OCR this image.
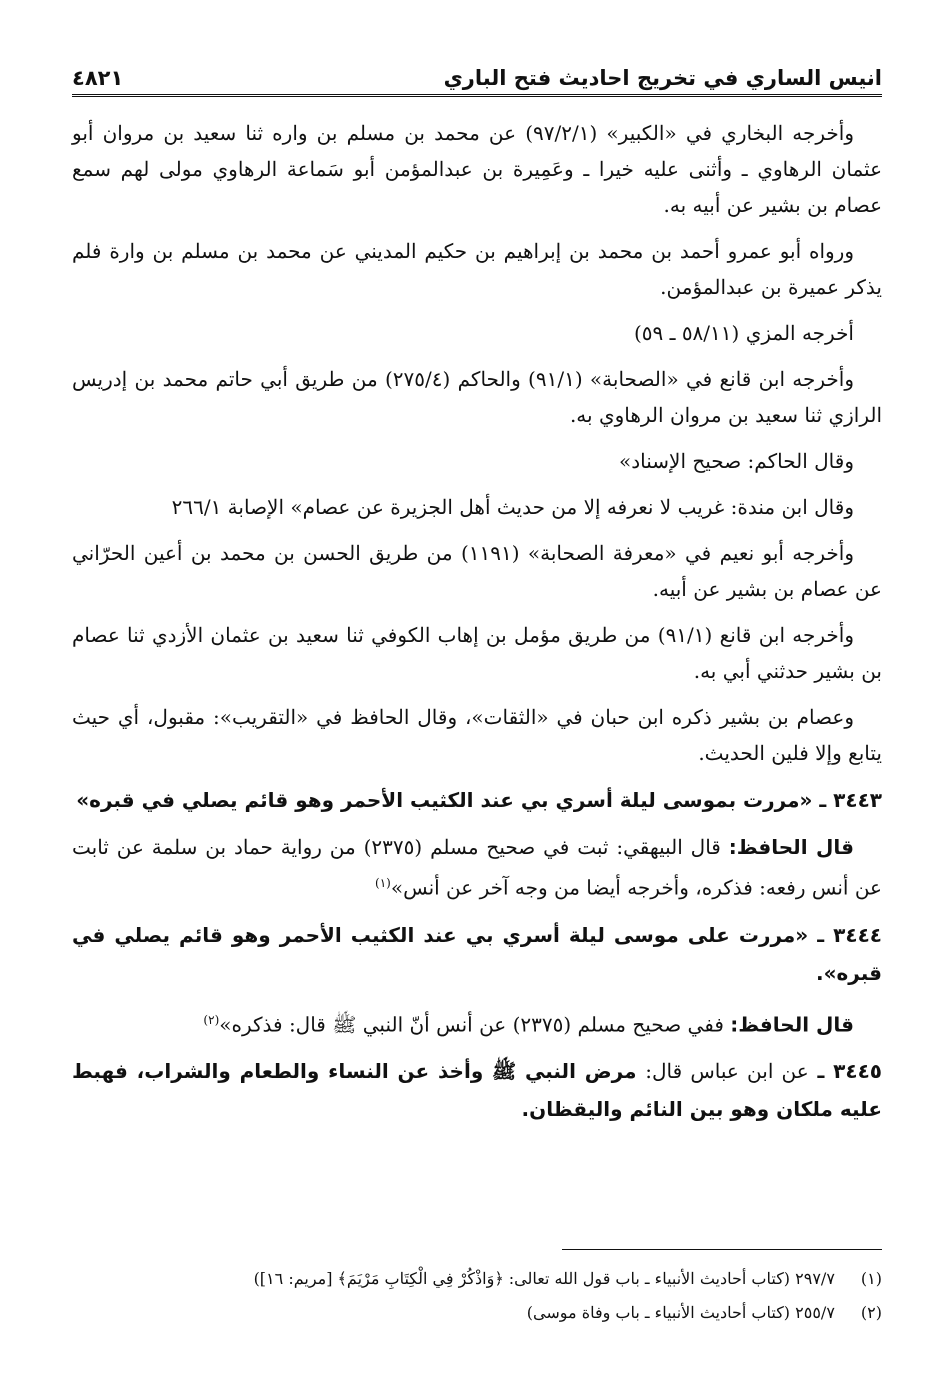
انيس الساري في تخريج احاديث فتح الباري
٤٨٢١

وأخرجه البخاري في «الكبير» (٩٧/٢/١) عن محمد بن مسلم بن واره ثنا سعيد بن مروان أبو عثمان الرهاوي ـ وأثنى عليه خيرا ـ وعَمِيرة بن عبدالمؤمن أبو سَماعة الرهاوي مولى لهم سمع عصام بن بشير عن أبيه به.

ورواه أبو عمرو أحمد بن محمد بن إبراهيم بن حكيم المديني عن محمد بن مسلم بن وارة فلم يذكر عميرة بن عبدالمؤمن.

أخرجه المزي (٥٨/١١ ـ ٥٩)

وأخرجه ابن قانع في «الصحابة» (٩١/١) والحاكم (٢٧٥/٤) من طريق أبي حاتم محمد بن إدريس الرازي ثنا سعيد بن مروان الرهاوي به.

وقال الحاكم: صحيح الإسناد»

وقال ابن مندة: غريب لا نعرفه إلا من حديث أهل الجزيرة عن عصام» الإصابة ٢٦٦/١

وأخرجه أبو نعيم في «معرفة الصحابة» (١١٩١) من طريق الحسن بن محمد بن أعين الحرّاني عن عصام بن بشير عن أبيه.

وأخرجه ابن قانع (٩١/١) من طريق مؤمل بن إهاب الكوفي ثنا سعيد بن عثمان الأزدي ثنا عصام بن بشير حدثني أبي به.

وعصام بن بشير ذكره ابن حبان في «الثقات»، وقال الحافظ في «التقريب»: مقبول، أي حيث يتابع وإلا فلين الحديث.

٣٤٤٣ ـ «مررت بموسى ليلة أسري بي عند الكثيب الأحمر وهو قائم يصلي في قبره»

قال الحافظ: قال البيهقي: ثبت في صحيح مسلم (٢٣٧٥) من رواية حماد بن سلمة عن ثابت عن أنس رفعه: فذكره، وأخرجه أيضا من وجه آخر عن أنس»$^{(١)}$

٣٤٤٤ ـ «مررت على موسى ليلة أسري بي عند الكثيب الأحمر وهو قائم يصلي في قبره».

قال الحافظ: ففي صحيح مسلم (٢٣٧٥) عن أنس أنّ النبي ﷺ قال: فذكره»$^{(٢)}$

٣٤٤٥ ـ عن ابن عباس قال: مرض النبي ﷺ وأخذ عن النساء والطعام والشراب، فهبط عليه ملكان وهو بين النائم واليقظان.
(١) ٢٩٧/٧ (كتاب أحاديث الأنبياء ـ باب قول الله تعالى: ﴿وَاذْكُرْ فِي الْكِتَابِ مَرْيَمَ﴾ [مريم: ١٦])
(٢) ٢٥٥/٧ (كتاب أحاديث الأنبياء ـ باب وفاة موسى)
